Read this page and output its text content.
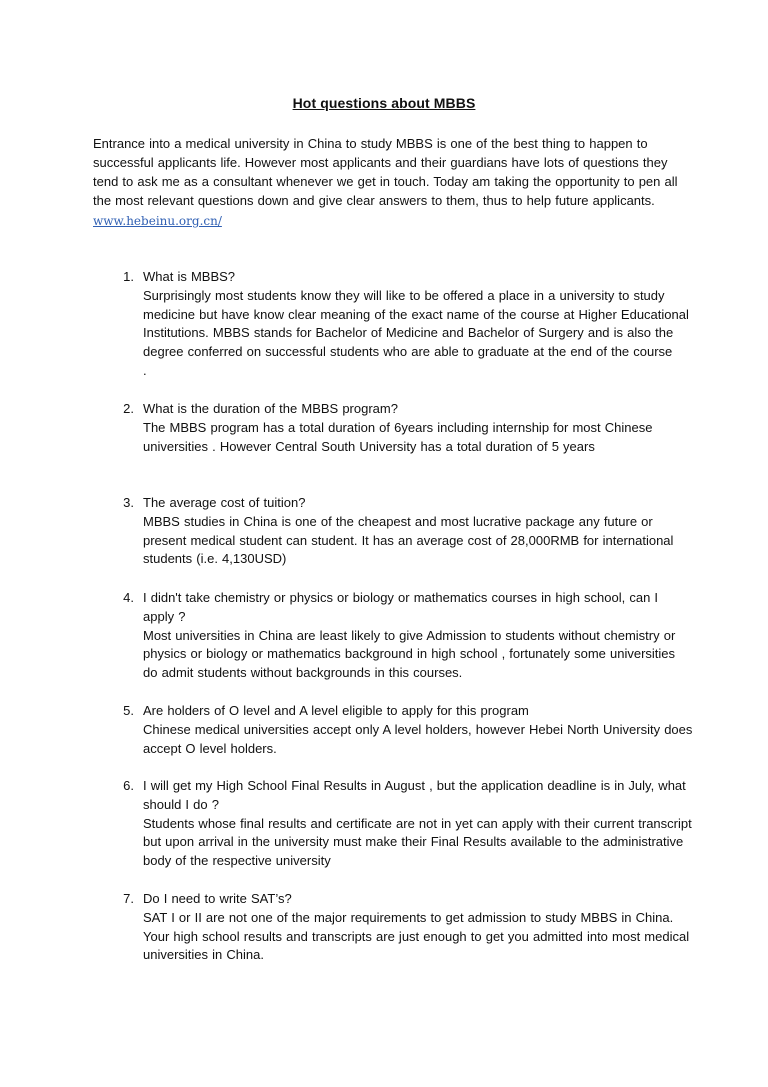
Hot questions about MBBS
Entrance into a medical university in China to study MBBS is one of the best thing to happen to successful applicants life. However most applicants and their guardians have lots of questions they tend to ask me as a consultant whenever we get in touch. Today am taking the opportunity to pen all the most relevant questions down and give clear answers to them, thus to help future applicants. www.hebeinu.org.cn/
1. What is MBBS?
Surprisingly most students know they will like to be offered a place in a university to study medicine but have know clear meaning of the exact name of the course at Higher Educational Institutions. MBBS stands for Bachelor of Medicine and Bachelor of Surgery and is also the degree conferred on successful students who are able to graduate at the end of the course
.
2. What is the duration of the MBBS program?
The MBBS program has a total duration of 6years including internship for most Chinese universities . However Central South University has a total duration of 5 years
3. The average cost of tuition?
MBBS studies in China is one of the cheapest and most lucrative package any future or present medical student can student. It has an average cost of 28,000RMB for international students (i.e. 4,130USD)
4. I didn't take chemistry or physics or biology or mathematics courses in high school, can I apply ?
Most universities in China are least likely to give Admission to students without chemistry or physics or biology or mathematics background in high school , fortunately some universities do admit students without backgrounds in this courses.
5. Are holders of O level and A level eligible to apply for this program
Chinese medical universities accept only A level holders, however Hebei North University does accept O level holders.
6. I will get my High School Final Results in August , but the application deadline is in July, what should I do ?
Students whose final results and certificate are not in yet can apply with their current transcript but upon arrival in the university must make their Final Results available to the administrative body of the respective university
7. Do I need to write SAT’s?
SAT I or II are not one of the major requirements to get admission to study MBBS in China. Your high school results and transcripts are just enough to get you admitted into most medical universities in China.
